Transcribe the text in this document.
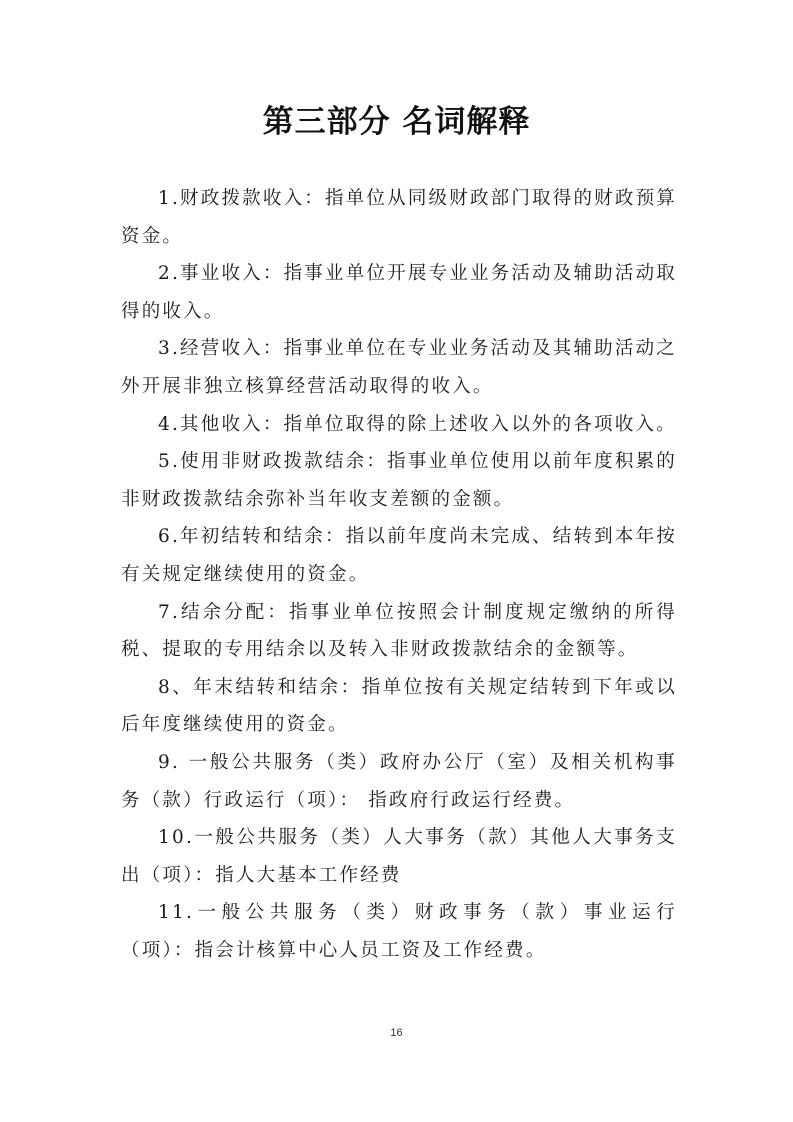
第三部分 名词解释

1.财政拨款收入：指单位从同级财政部门取得的财政预算资金。

2.事业收入：指事业单位开展专业业务活动及辅助活动取得的收入。

3.经营收入：指事业单位在专业业务活动及其辅助活动之外开展非独立核算经营活动取得的收入。

4.其他收入：指单位取得的除上述收入以外的各项收入。

5.使用非财政拨款结余：指事业单位使用以前年度积累的非财政拨款结余弥补当年收支差额的金额。

6.年初结转和结余：指以前年度尚未完成、结转到本年按有关规定继续使用的资金。

7.结余分配：指事业单位按照会计制度规定缴纳的所得税、提取的专用结余以及转入非财政拨款结余的金额等。

8、年末结转和结余：指单位按有关规定结转到下年或以后年度继续使用的资金。

9. 一般公共服务（类）政府办公厅（室）及相关机构事务（款）行政运行（项）： 指政府行政运行经费。

10.一般公共服务（类）人大事务（款）其他人大事务支出（项）：指人大基本工作经费

11.一般公共服务（类）财政事务（款）事业运行（项）：指会计核算中心人员工资及工作经费。

16
